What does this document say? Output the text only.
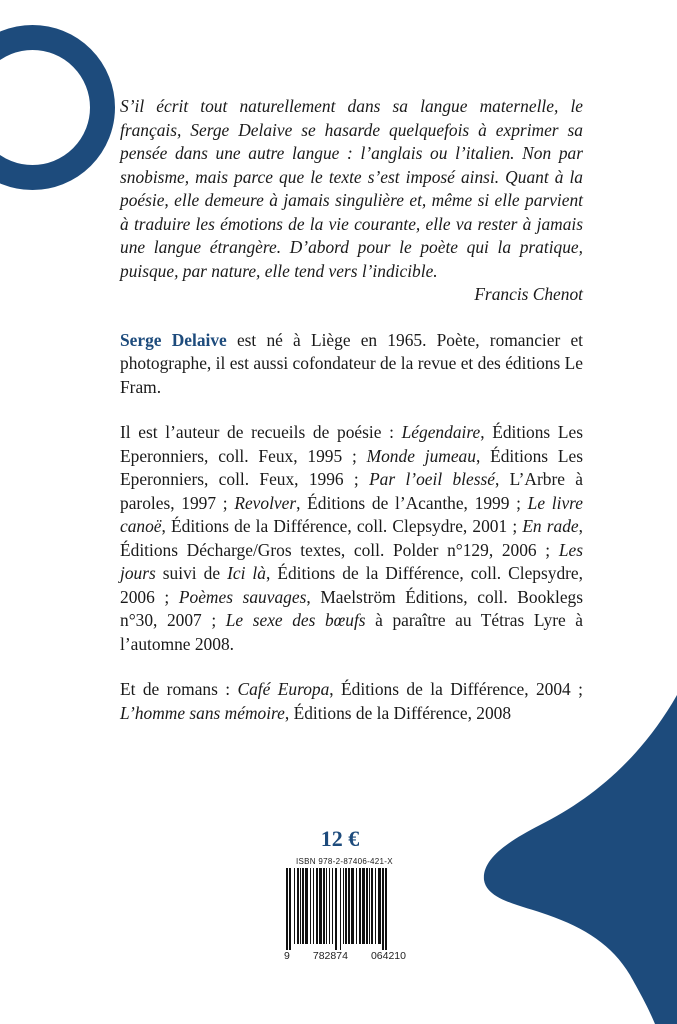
S’il écrit tout naturellement dans sa langue maternelle, le français, Serge Delaive se hasarde quelquefois à exprimer sa pensée dans une autre langue : l’anglais ou l’italien. Non par snobisme, mais parce que le texte s’est imposé ainsi. Quant à la poésie, elle demeure à jamais singulière et, même si elle parvient à traduire les émotions de la vie courante, elle va rester à jamais une langue étrangère. D’abord pour le poète qui la pratique, puisque, par nature, elle tend vers l’indicible.

Francis Chenot

Serge Delaive est né à Liège en 1965. Poète, romancier et photographe, il est aussi cofondateur de la revue et des éditions Le Fram.

Il est l’auteur de recueils de poésie : Légendaire, Éditions Les Eperonniers, coll. Feux, 1995 ; Monde jumeau, Éditions Les Eperonniers, coll. Feux, 1996 ; Par l’oeil blessé, L’Arbre à paroles, 1997 ; Revolver, Éditions de l’Acanthe, 1999 ; Le livre canoë, Éditions de la Différence, coll. Clepsydre, 2001 ; En rade, Éditions Décharge/Gros textes, coll. Polder n°129, 2006 ; Les jours suivi de Ici là, Éditions de la Différence, coll. Clepsydre, 2006 ; Poèmes sauvages, Maelström Éditions, coll. Booklegs n°30, 2007 ; Le sexe des bœufs à paraître au Tétras Lyre à l’automne 2008.

Et de romans : Café Europa, Éditions de la Différence, 2004 ; L’homme sans mémoire, Éditions de la Différence, 2008

12 €
ISBN 978-2-87406-421-X
9 782874 064210
